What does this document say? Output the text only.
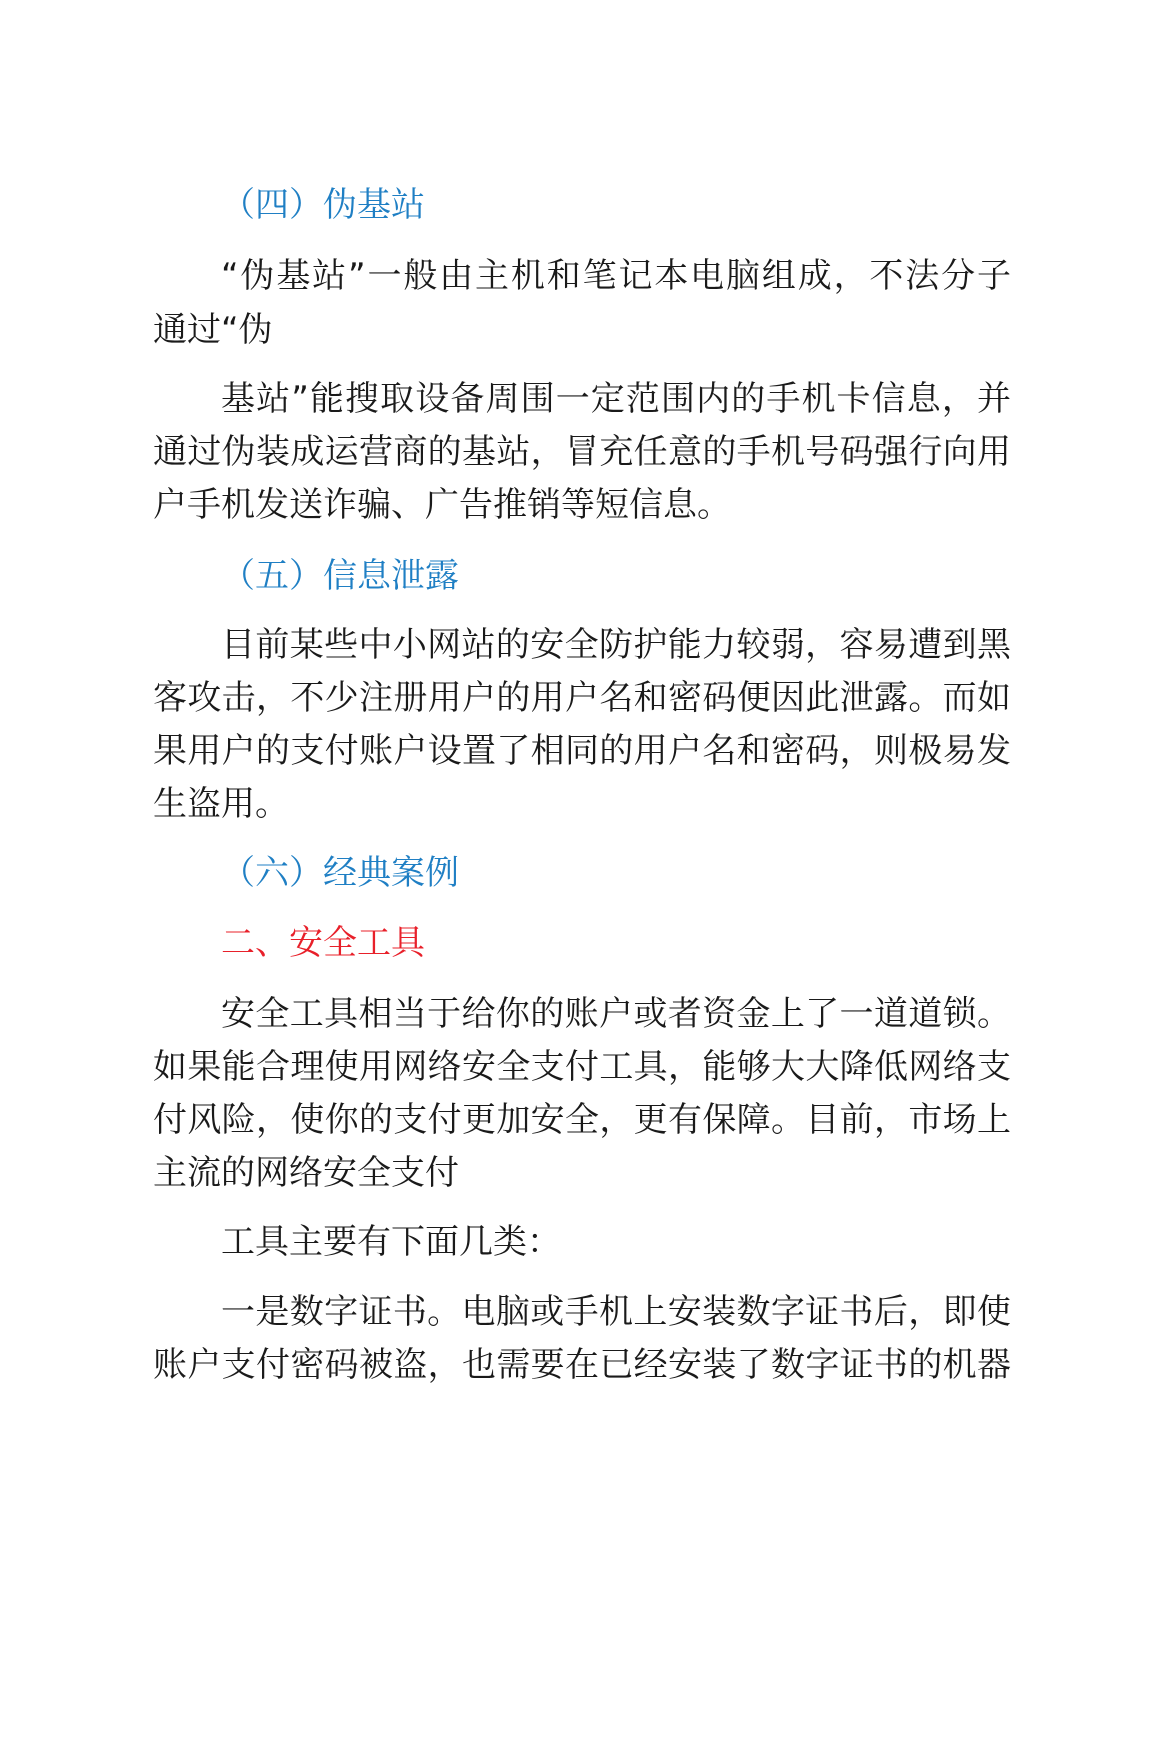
（四）伪基站
“伪基站”一般由主机和笔记本电脑组成，不法分子
通过“伪
基站”能搜取设备周围一定范围内的手机卡信息，并
通过伪装成运营商的基站，冒充任意的手机号码强行向用
户手机发送诈骗、广告推销等短信息。
（五）信息泄露
目前某些中小网站的安全防护能力较弱，容易遭到黑
客攻击，不少注册用户的用户名和密码便因此泄露。而如
果用户的支付账户设置了相同的用户名和密码，则极易发
生盗用。
（六）经典案例
二、安全工具
安全工具相当于给你的账户或者资金上了一道道锁。
如果能合理使用网络安全支付工具，能够大大降低网络支
付风险，使你的支付更加安全，更有保障。目前，市场上
主流的网络安全支付
工具主要有下面几类：
一是数字证书。电脑或手机上安装数字证书后，即使
账户支付密码被盗，也需要在已经安装了数字证书的机器
